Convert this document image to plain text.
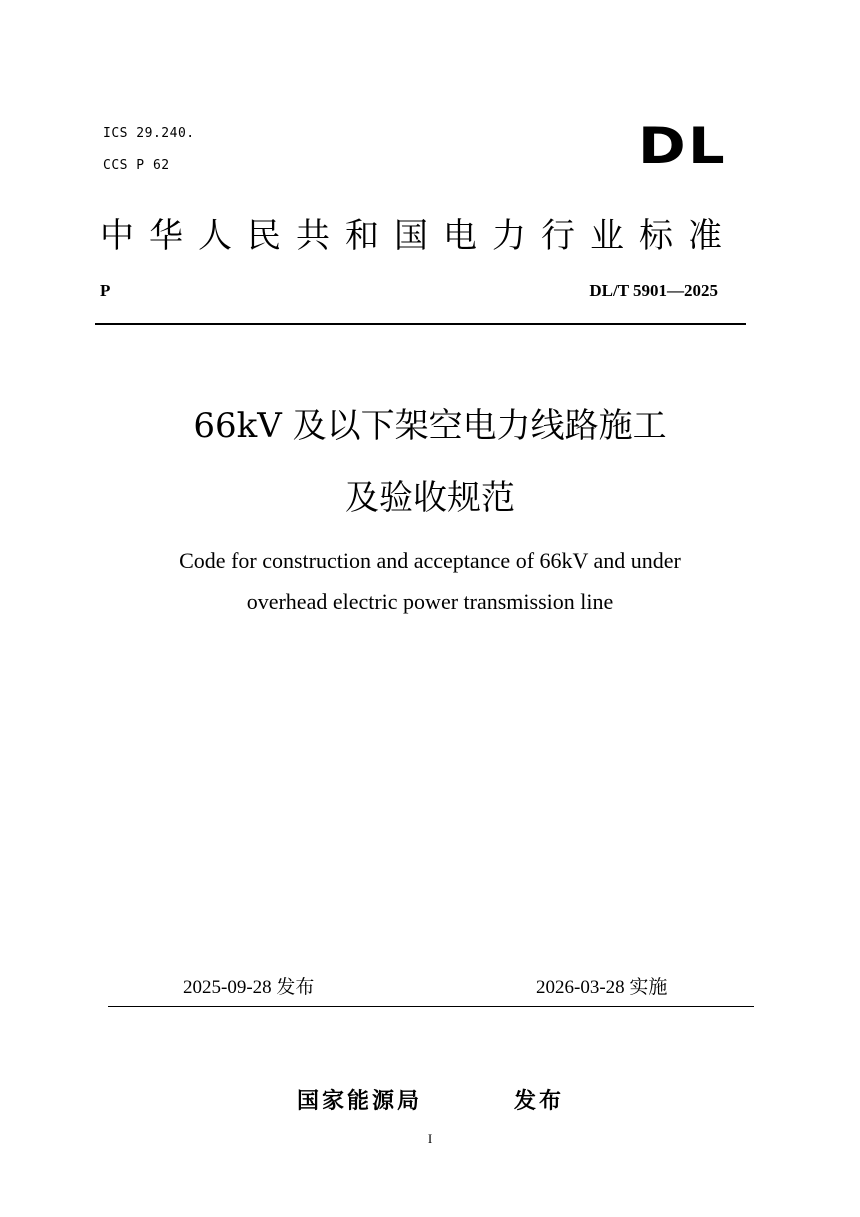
ICS 29.240.
CCS P 62	DL
中华人民共和国电力行业标准
P	DL/T 5901—2025
66kV 及以下架空电力线路施工
及验收规范
Code for construction and acceptance of 66kV and under
overhead electric power transmission line
2025-09-28 发布	2026-03-28 实施
国家能源局	发布
I
